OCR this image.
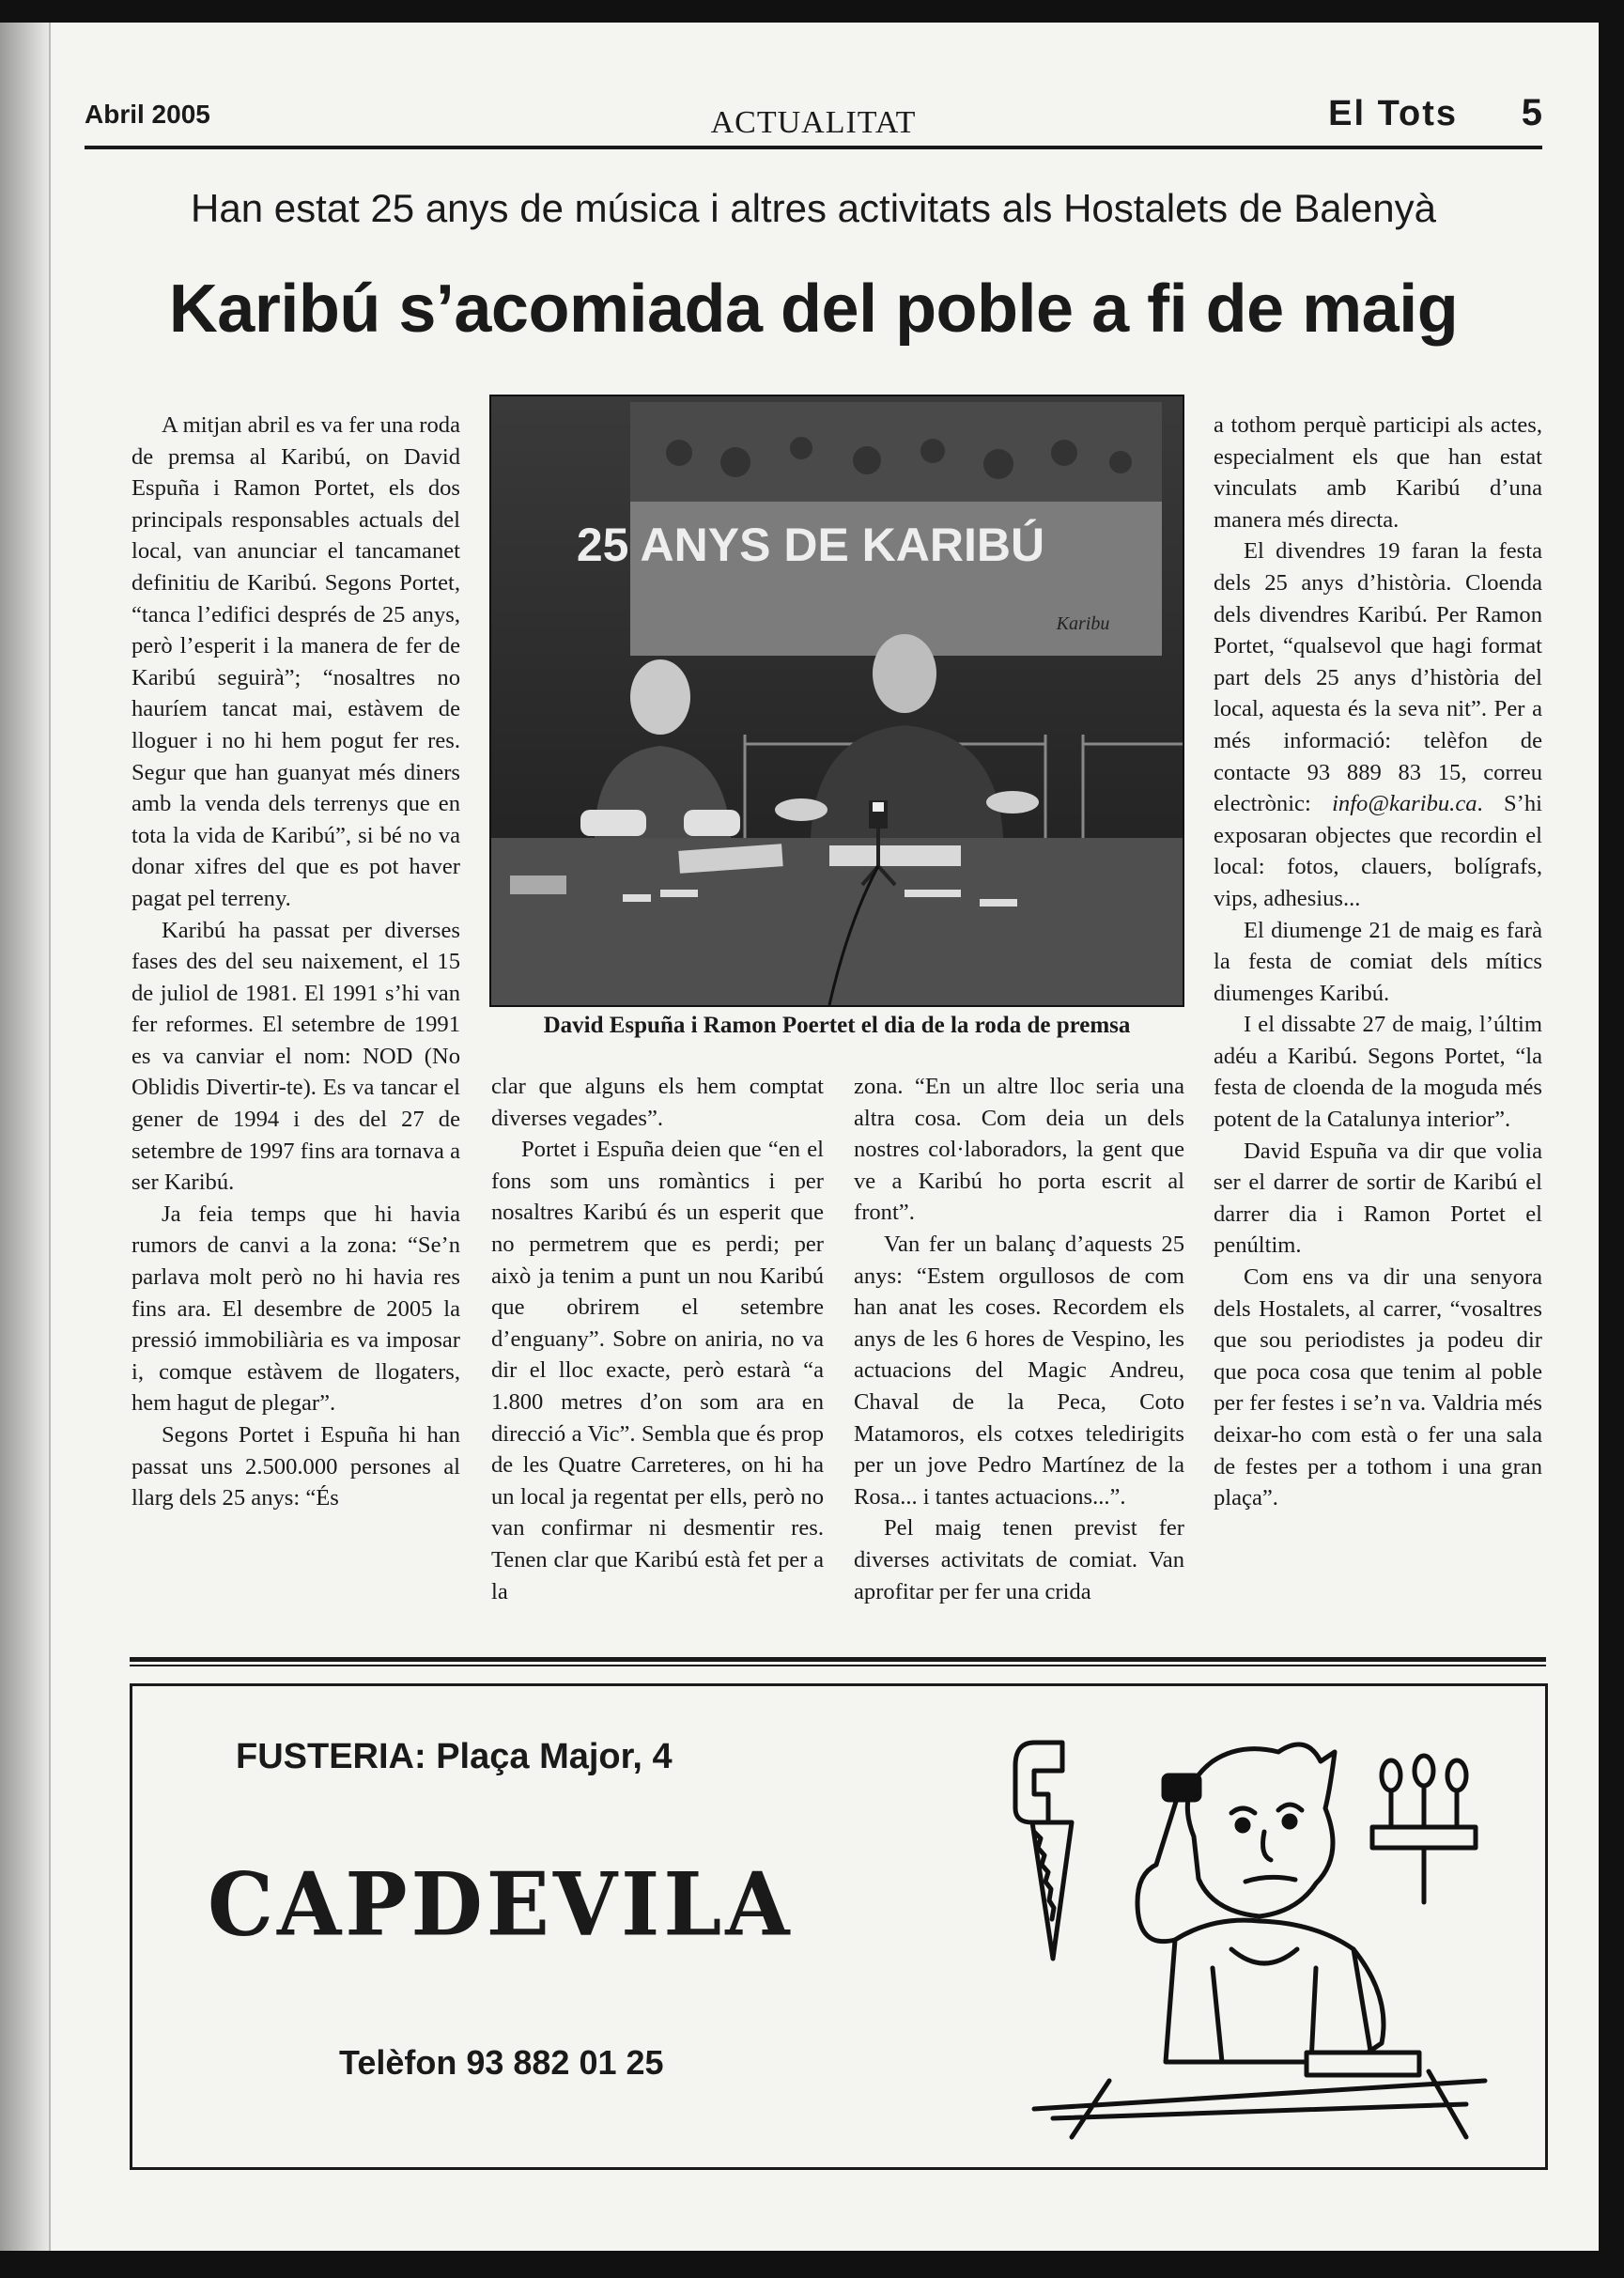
Abril 2005	ACTUALITAT	El Tots 5
Han estat 25 anys de música i altres activitats als Hostalets de Balenyà
Karibú s’acomiada del poble a fi de maig

A mitjan abril es va fer una roda de premsa al Karibú, on David Espuña i Ramon Portet, els dos principals responsables actuals del local, van anunciar el tancamanet definitiu de Karibú. Segons Portet, “tanca l’edifici després de 25 anys, però l’esperit i la manera de fer de Karibú seguirà”; “nosaltres no hauríem tancat mai, estàvem de lloguer i no hi hem pogut fer res. Segur que han guanyat més diners amb la venda dels terrenys que en tota la vida de Karibú”, si bé no va donar xifres del que es pot haver pagat pel terreny.

Karibú ha passat per diverses fases des del seu naixement, el 15 de juliol de 1981. El 1991 s’hi van fer reformes. El setembre de 1991 es va canviar el nom: NOD (No Oblidis Divertir-te). Es va tancar el gener de 1994 i des del 27 de setembre de 1997 fins ara tornava a ser Karibú.

Ja feia temps que hi havia rumors de canvi a la zona: “Se’n parlava molt però no hi havia res fins ara. El desembre de 2005 la pressió immobiliària es va imposar i, comque estàvem de llogaters, hem hagut de plegar”.

Segons Portet i Espuña hi han passat uns 2.500.000 persones al llarg dels 25 anys: “És

25 ANYS DE KARIBÚ
Karibu
David Espuña i Ramon Poertet el dia de la roda de premsa

clar que alguns els hem comptat diverses vegades”.

Portet i Espuña deien que “en el fons som uns romàntics i per nosaltres Karibú és un esperit que no permetrem que es perdi; per això ja tenim a punt un nou Karibú que obrirem el setembre d’enguany”. Sobre on aniria, no va dir el lloc exacte, però estarà “a 1.800 metres d’on som ara en direcció a Vic”. Sembla que és prop de les Quatre Carreteres, on hi ha un local ja regentat per ells, però no van confirmar ni desmentir res. Tenen clar que Karibú està fet per a la

zona. “En un altre lloc seria una altra cosa. Com deia un dels nostres col·laboradors, la gent que ve a Karibú ho porta escrit al front”.

Van fer un balanç d’aquests 25 anys: “Estem orgullosos de com han anat les coses. Recordem els anys de les 6 hores de Vespino, les actuacions del Magic Andreu, Chaval de la Peca, Coto Matamoros, els cotxes teledirigits per un jove Pedro Martínez de la Rosa... i tantes actuacions...”.

Pel maig tenen previst fer diverses activitats de comiat. Van aprofitar per fer una crida

a tothom perquè participi als actes, especialment els que han estat vinculats amb Karibú d’una manera més directa.

El divendres 19 faran la festa dels 25 anys d’història. Cloenda dels divendres Karibú. Per Ramon Portet, “qualsevol que hagi format part dels 25 anys d’història del local, aquesta és la seva nit”. Per a més informació: telèfon de contacte 93 889 83 15, correu electrònic: info@karibu.ca. S’hi exposaran objectes que recordin el local: fotos, clauers, bolígrafs, vips, adhesius...

El diumenge 21 de maig es farà la festa de comiat dels mítics diumenges Karibú.

I el dissabte 27 de maig, l’últim adéu a Karibú. Segons Portet, “la festa de cloenda de la moguda més potent de la Catalunya interior”.

David Espuña va dir que volia ser el darrer de sortir de Karibú el darrer dia i Ramon Portet el penúltim.

Com ens va dir una senyora dels Hostalets, al carrer, “vosaltres que sou periodistes ja podeu dir que poca cosa que tenim al poble per fer festes i se’n va. Valdria més deixar-ho com està o fer una sala de festes per a tothom i una gran plaça”.

FUSTERIA: Plaça Major, 4
CAPDEVILA
Telèfon 93 882 01 25
